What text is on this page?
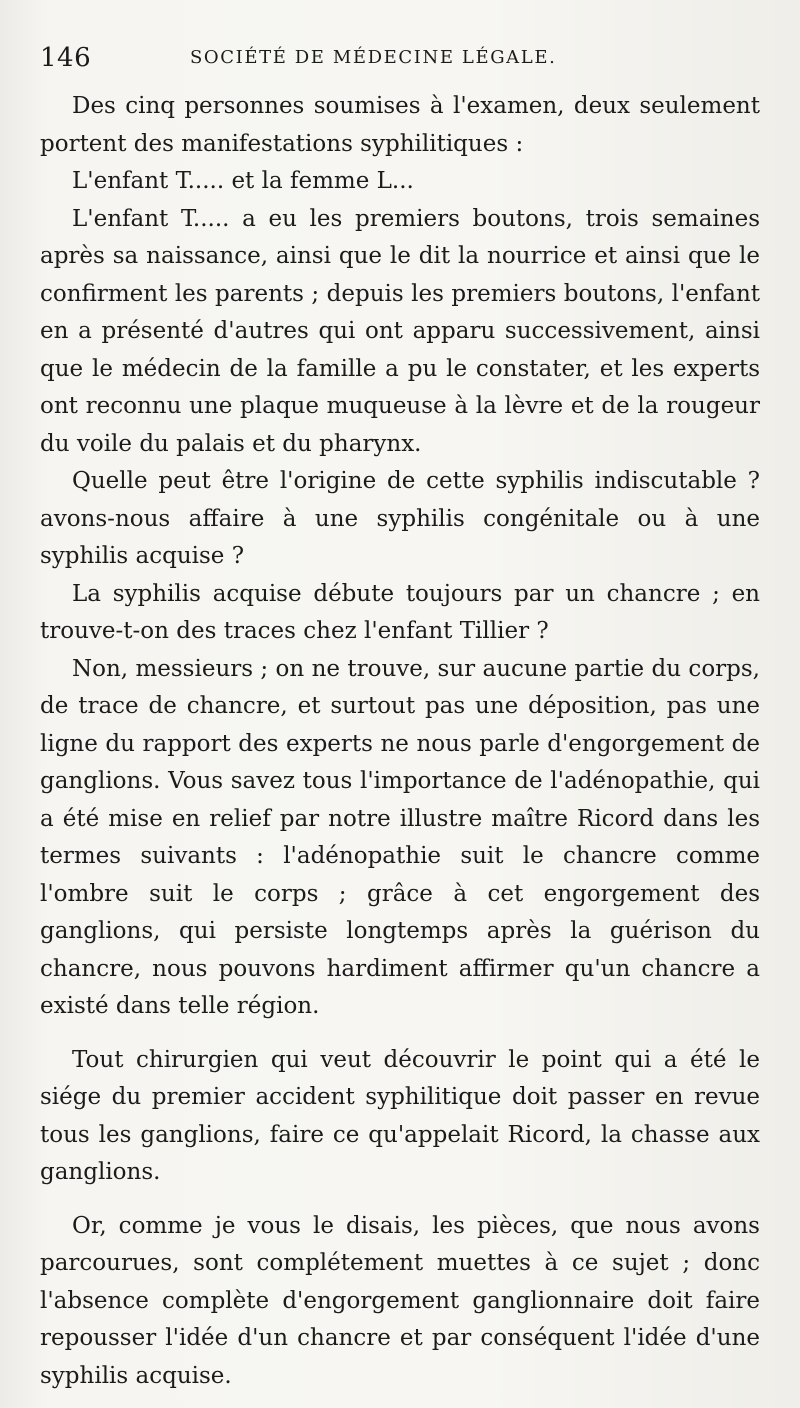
146	SOCIÉTÉ DE MÉDECINE LÉGALE.

Des cinq personnes soumises à l'examen, deux seulement portent des manifestations syphilitiques :

L'enfant T..... et la femme L...

L'enfant T..... a eu les premiers boutons, trois semaines après sa naissance, ainsi que le dit la nourrice et ainsi que le confirment les parents ; depuis les premiers boutons, l'enfant en a présenté d'autres qui ont apparu successivement, ainsi que le médecin de la famille a pu le constater, et les experts ont reconnu une plaque muqueuse à la lèvre et de la rougeur du voile du palais et du pharynx.

Quelle peut être l'origine de cette syphilis indiscutable ? avons-nous affaire à une syphilis congénitale ou à une syphilis acquise ?

La syphilis acquise débute toujours par un chancre ; en trouve-t-on des traces chez l'enfant Tillier ?

Non, messieurs ; on ne trouve, sur aucune partie du corps, de trace de chancre, et surtout pas une déposition, pas une ligne du rapport des experts ne nous parle d'engorgement de ganglions. Vous savez tous l'importance de l'adénopathie, qui a été mise en relief par notre illustre maître Ricord dans les termes suivants : l'adénopathie suit le chancre comme l'ombre suit le corps ; grâce à cet engorgement des ganglions, qui persiste longtemps après la guérison du chancre, nous pouvons hardiment affirmer qu'un chancre a existé dans telle région.

Tout chirurgien qui veut découvrir le point qui a été le siége du premier accident syphilitique doit passer en revue tous les ganglions, faire ce qu'appelait Ricord, la chasse aux ganglions.

Or, comme je vous le disais, les pièces, que nous avons parcourues, sont complétement muettes à ce sujet ; donc l'absence complète d'engorgement ganglionnaire doit faire repousser l'idée d'un chancre et par conséquent l'idée d'une syphilis acquise.
